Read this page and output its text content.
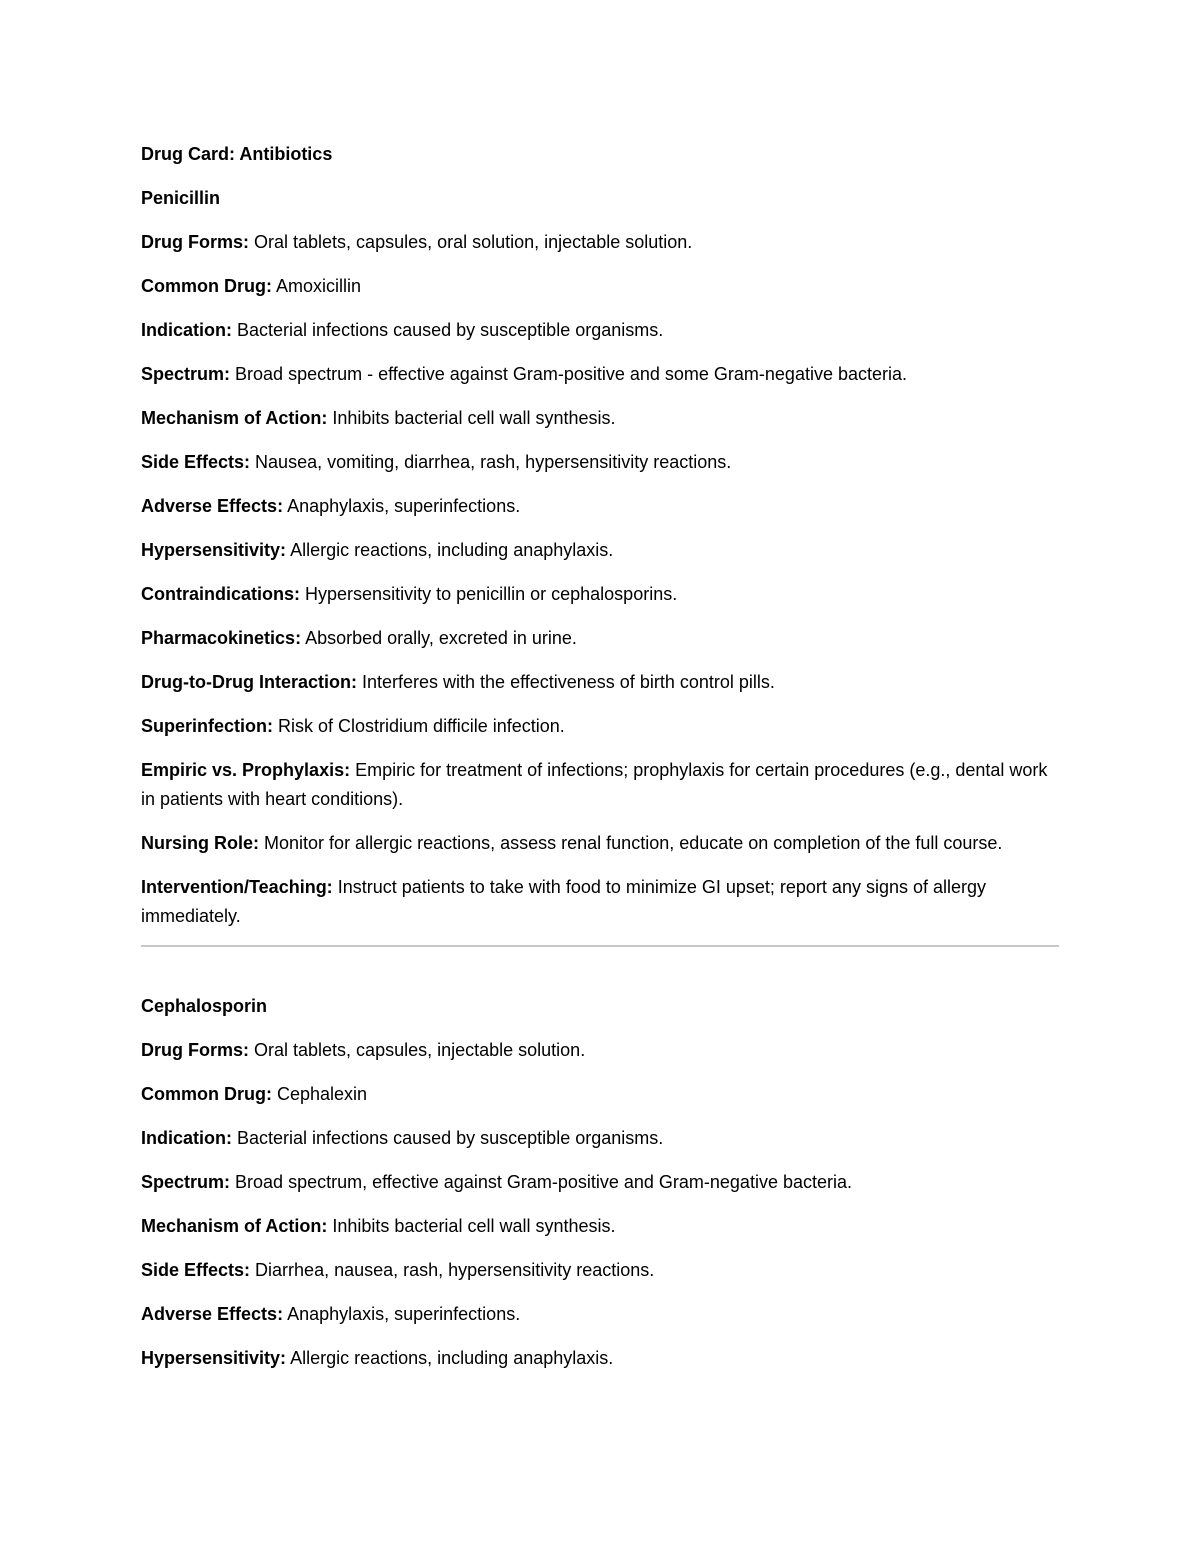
Drug Card: Antibiotics

Penicillin

Drug Forms: Oral tablets, capsules, oral solution, injectable solution.

Common Drug: Amoxicillin

Indication: Bacterial infections caused by susceptible organisms.

Spectrum: Broad spectrum - effective against Gram-positive and some Gram-negative bacteria.

Mechanism of Action: Inhibits bacterial cell wall synthesis.

Side Effects: Nausea, vomiting, diarrhea, rash, hypersensitivity reactions.

Adverse Effects: Anaphylaxis, superinfections.

Hypersensitivity: Allergic reactions, including anaphylaxis.

Contraindications: Hypersensitivity to penicillin or cephalosporins.

Pharmacokinetics: Absorbed orally, excreted in urine.

Drug-to-Drug Interaction: Interferes with the effectiveness of birth control pills.

Superinfection: Risk of Clostridium difficile infection.

Empiric vs. Prophylaxis: Empiric for treatment of infections; prophylaxis for certain procedures (e.g., dental work in patients with heart conditions).

Nursing Role: Monitor for allergic reactions, assess renal function, educate on completion of the full course.

Intervention/Teaching: Instruct patients to take with food to minimize GI upset; report any signs of allergy immediately.

Cephalosporin

Drug Forms: Oral tablets, capsules, injectable solution.

Common Drug: Cephalexin

Indication: Bacterial infections caused by susceptible organisms.

Spectrum: Broad spectrum, effective against Gram-positive and Gram-negative bacteria.

Mechanism of Action: Inhibits bacterial cell wall synthesis.

Side Effects: Diarrhea, nausea, rash, hypersensitivity reactions.

Adverse Effects: Anaphylaxis, superinfections.

Hypersensitivity: Allergic reactions, including anaphylaxis.
